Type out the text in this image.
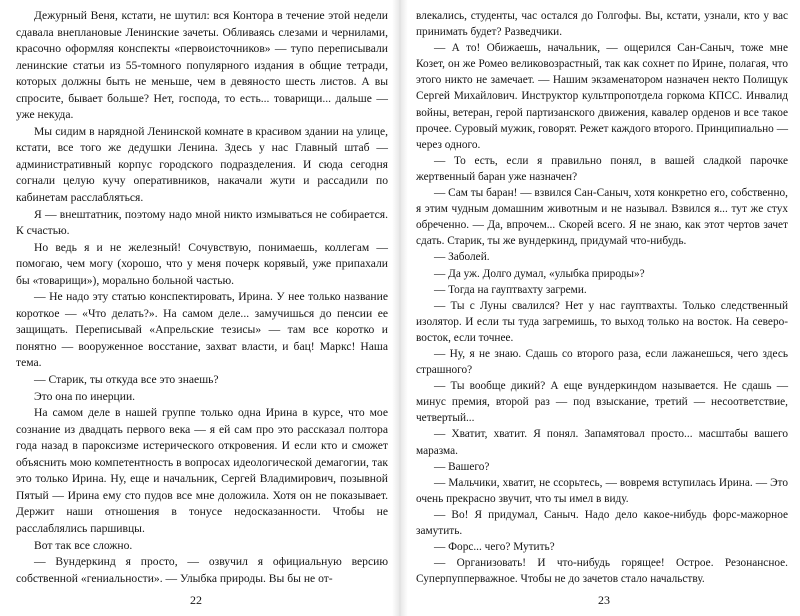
Дежурный Веня, кстати, не шутил: вся Контора в течение этой недели сдавала внеплановые Ленинские зачеты. Обливаясь слезами и чернилами, красочно оформляя конспекты «первоисточников» — тупо переписывали ленинские статьи из 55-томного популярного издания в общие тетради, которых должны быть не меньше, чем в девяносто шесть листов. А вы спросите, бывает больше? Нет, господа, то есть... товарищи... дальше — уже некуда.

Мы сидим в нарядной Ленинской комнате в красивом здании на улице, кстати, все того же дедушки Ленина. Здесь у нас Главный штаб — административный корпус городского подразделения. И сюда сегодня согнали целую кучу оперативников, накачали жути и рассадили по кабинетам расслабляться.

Я — внештатник, поэтому надо мной никто измываться не собирается. К счастью.

Но ведь я и не железный! Сочувствую, понимаешь, коллегам — помогаю, чем могу (хорошо, что у меня почерк корявый, уже припахали бы «товарищи»), морально больной частью.

— Не надо эту статью конспектировать, Ирина. У нее только название короткое — «Что делать?». На самом деле... замучишься до пенсии ее защищать. Переписывай «Апрельские тезисы» — там все коротко и понятно — вооруженное восстание, захват власти, и бац! Маркс! Наша тема.

— Старик, ты откуда все это знаешь?

Это она по инерции.

На самом деле в нашей группе только одна Ирина в курсе, что мое сознание из двадцать первого века — я ей сам про это рассказал полтора года назад в пароксизме истерического откровения. И если кто и сможет объяснить мою компетентность в вопросах идеологической демагогии, так это только Ирина. Ну, еще и начальник, Сергей Владимирович, позывной Пятый — Ирина ему сто пудов все мне доложила. Хотя он не показывает. Держит наши отношения в тонусе недосказанности. Чтобы не расслаблялись паршивцы.

Вот так все сложно.

— Вундеркинд я просто, — озвучил я официальную версию собственной «гениальности». — Улыбка природы. Вы бы не от-

22

влекались, студенты, час остался до Голгофы. Вы, кстати, узнали, кто у вас принимать будет? Разведчики.

— А то! Обижаешь, начальник, — ощерился Сан-Саныч, тоже мне Козет, он же Ромео великовозрастный, так как сохнет по Ирине, полагая, что этого никто не замечает. — Нашим экзаменатором назначен некто Полищук Сергей Михайлович. Инструктор культпропотдела горкома КПСС. Инвалид войны, ветеран, герой партизанского движения, кавалер орденов и все такое прочее. Суровый мужик, говорят. Режет каждого второго. Принципиально — через одного.

— То есть, если я правильно понял, в вашей сладкой парочке жертвенный баран уже назначен?

— Сам ты баран! — взвился Сан-Саныч, хотя конкретно его, собственно, я этим чудным домашним животным и не называл. Взвился я... тут же стух обреченно. — Да, впрочем... Скорей всего. Я не знаю, как этот чертов зачет сдать. Старик, ты же вундеркинд, придумай что-нибудь.

— Заболей.

— Да уж. Долго думал, «улыбка природы»?

— Тогда на гауптвахту загреми.

— Ты с Луны свалился? Нет у нас гауптвахты. Только следственный изолятор. И если ты туда загремишь, то выход только на восток. На северо-восток, если точнее.

— Ну, я не знаю. Сдашь со второго раза, если лажанешься, чего здесь страшного?

— Ты вообще дикий? А еще вундеркиндом называется. Не сдашь — минус премия, второй раз — под взыскание, третий — несоответствие, четвертый...

— Хватит, хватит. Я понял. Запамятовал просто... масштабы вашего маразма.

— Вашего?

— Мальчики, хватит, не ссорьтесь, — вовремя вступилась Ирина. — Это очень прекрасно звучит, что ты имел в виду.

— Во! Я придумал, Саныч. Надо дело какое-нибудь форс-мажорное замутить.

— Форс... чего? Мутить?

— Организовать! И что-нибудь горящее! Острое. Резонансное. Суперпупперважное. Чтобы не до зачетов стало начальству.

23
